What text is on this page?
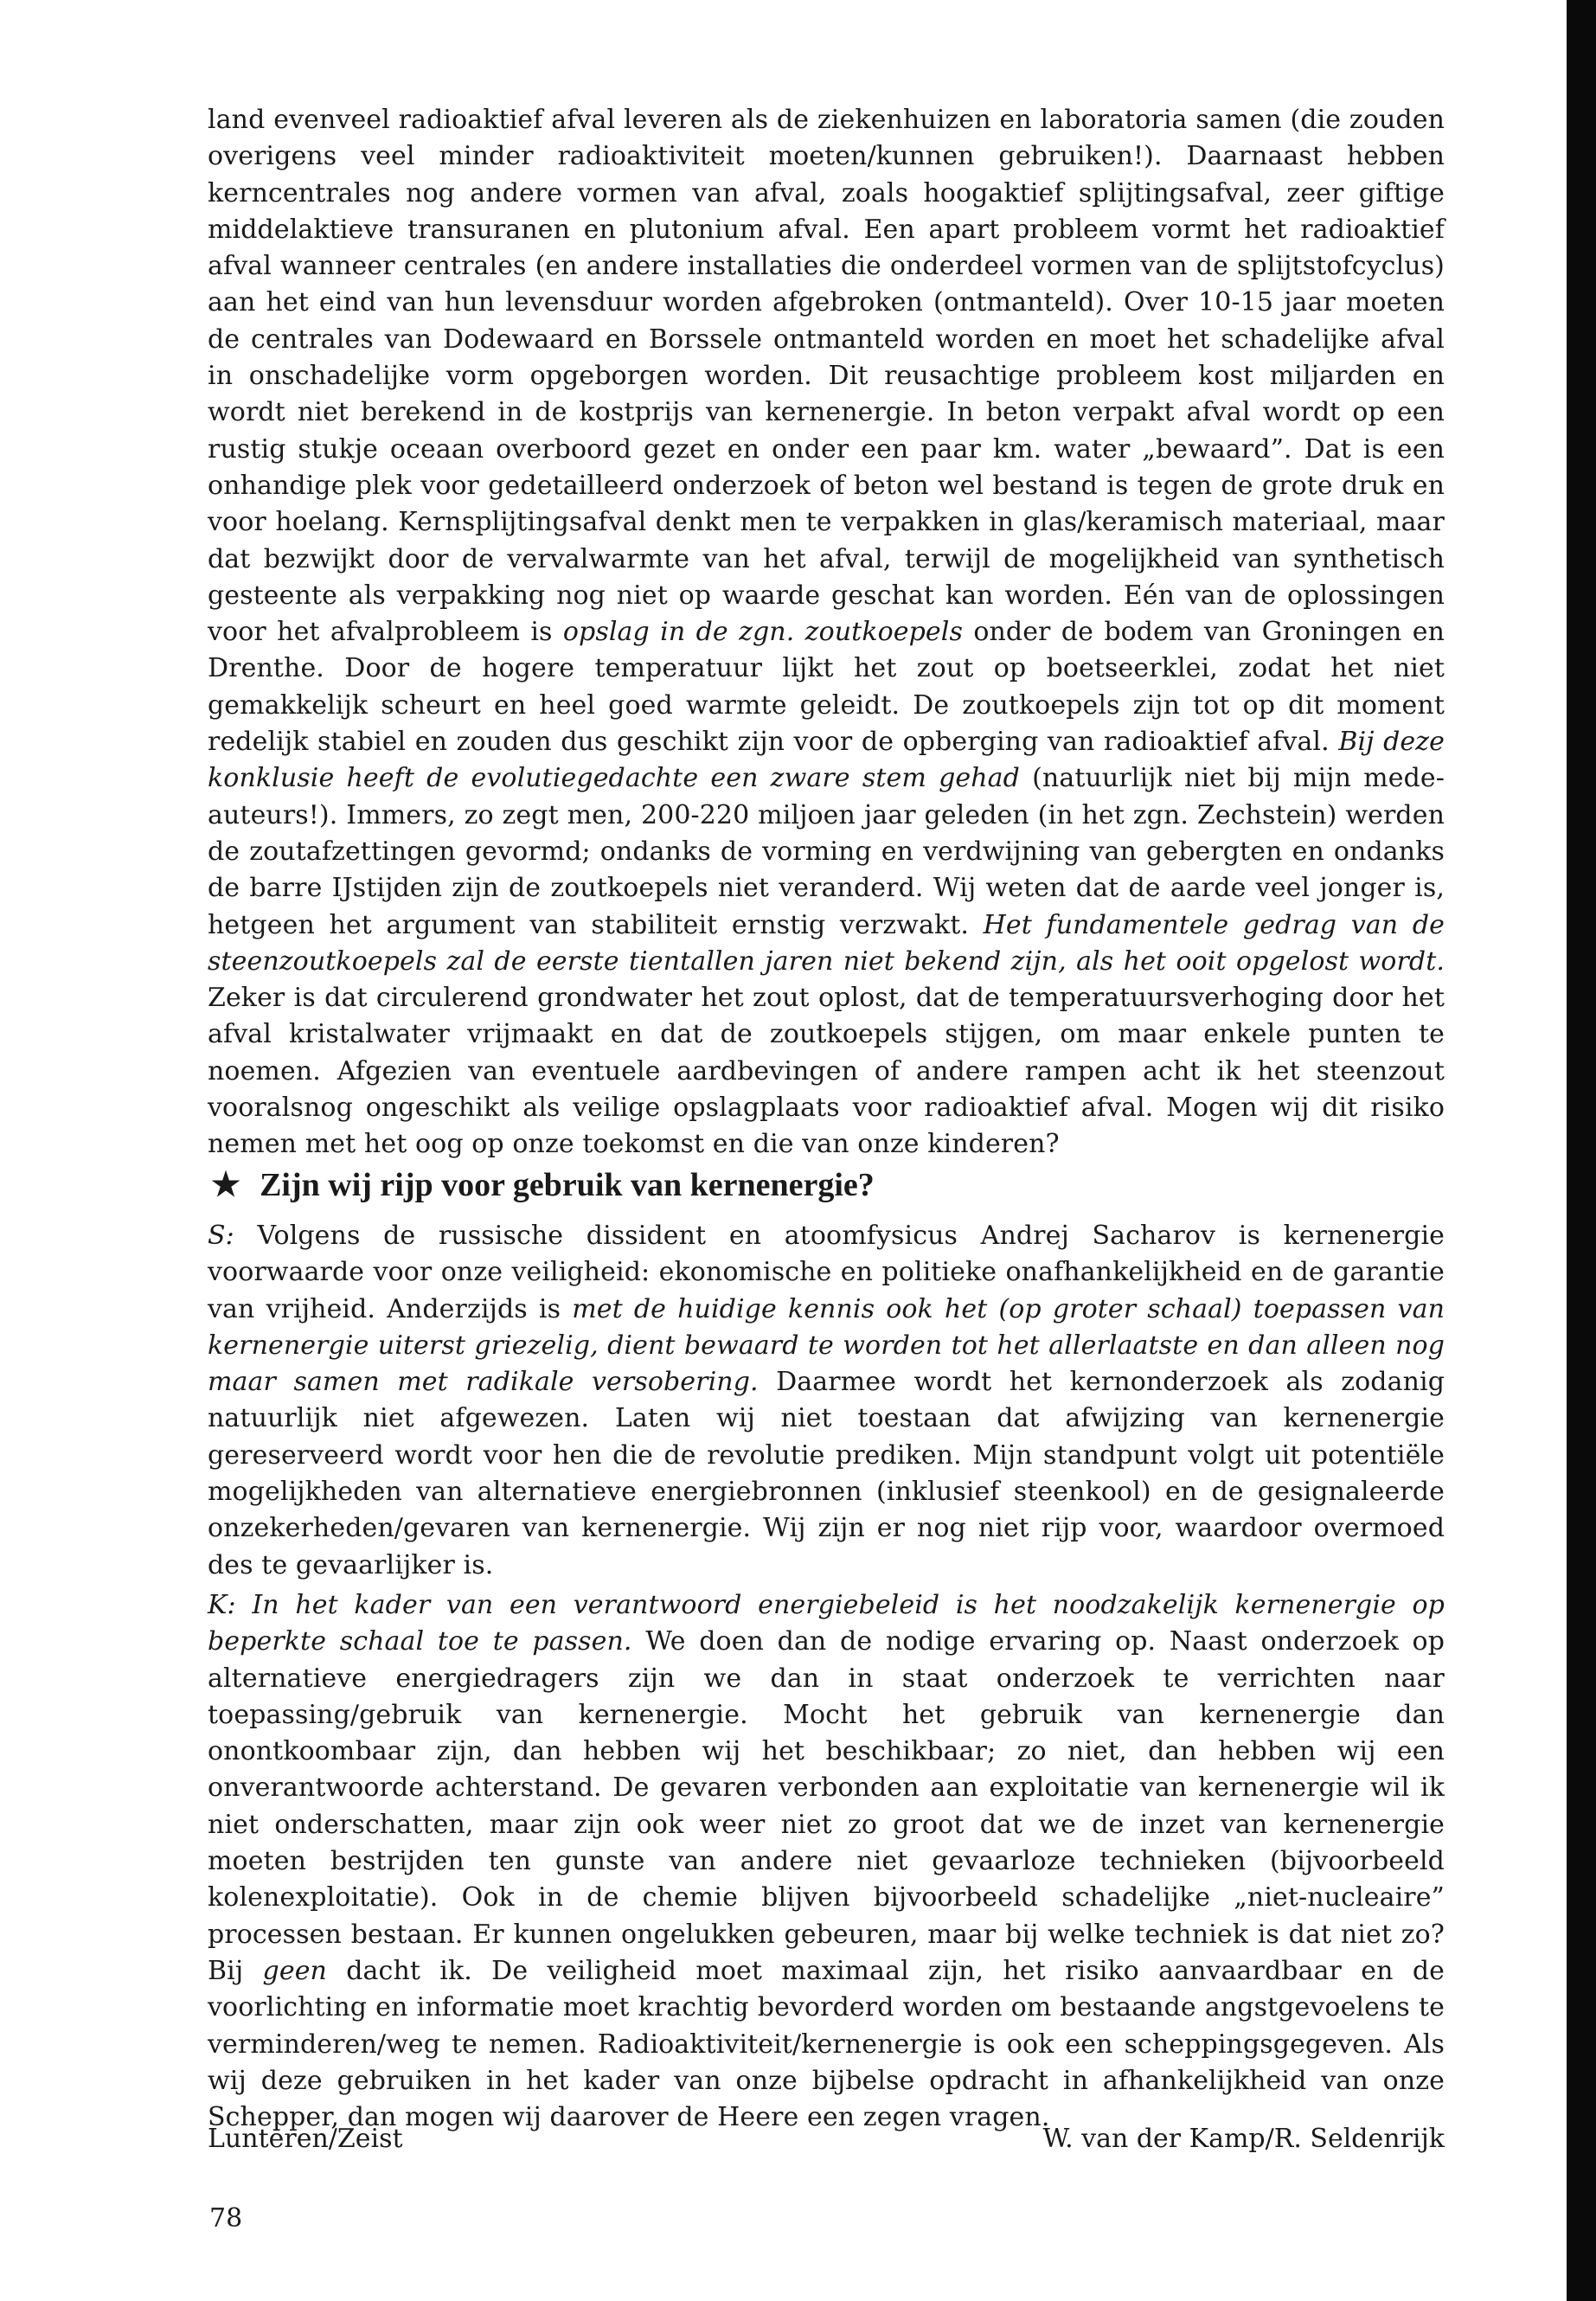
land evenveel radioaktief afval leveren als de ziekenhuizen en laboratoria samen (die zouden overigens veel minder radioaktiviteit moeten/kunnen gebruiken!). Daarnaast hebben kerncentrales nog andere vormen van afval, zoals hoogaktief splijtingsafval, zeer giftige middelaktieve transuranen en plutonium afval. Een apart probleem vormt het radioaktief afval wanneer centrales (en andere installaties die onderdeel vormen van de splijtstofcyclus) aan het eind van hun levensduur worden afgebroken (ontmanteld). Over 10-15 jaar moeten de centrales van Dodewaard en Borssele ontmanteld worden en moet het schadelijke afval in onschadelijke vorm opgeborgen worden. Dit reusachtige probleem kost miljarden en wordt niet berekend in de kostprijs van kernenergie. In beton verpakt afval wordt op een rustig stukje oceaan overboord gezet en onder een paar km. water „bewaard”. Dat is een onhandige plek voor gedetailleerd onderzoek of beton wel bestand is tegen de grote druk en voor hoelang. Kernsplijtingsafval denkt men te verpakken in glas/keramisch materiaal, maar dat bezwijkt door de vervalwarmte van het afval, terwijl de mogelijkheid van synthetisch gesteente als verpakking nog niet op waarde geschat kan worden. Eén van de oplossingen voor het afvalprobleem is opslag in de zgn. zoutkoepels onder de bodem van Groningen en Drenthe. Door de hogere temperatuur lijkt het zout op boetseerklei, zodat het niet gemakkelijk scheurt en heel goed warmte geleidt. De zoutkoepels zijn tot op dit moment redelijk stabiel en zouden dus geschikt zijn voor de opberging van radioaktief afval. Bij deze konklusie heeft de evolutiegedachte een zware stem gehad (natuurlijk niet bij mijn mede-auteurs!). Immers, zo zegt men, 200-220 miljoen jaar geleden (in het zgn. Zechstein) werden de zoutafzettingen gevormd; ondanks de vorming en verdwijning van gebergten en ondanks de barre IJstijden zijn de zoutkoepels niet veranderd. Wij weten dat de aarde veel jonger is, hetgeen het argument van stabiliteit ernstig verzwakt. Het fundamentele gedrag van de steenzoutkoepels zal de eerste tientallen jaren niet bekend zijn, als het ooit opgelost wordt. Zeker is dat circulerend grondwater het zout oplost, dat de temperatuursverhoging door het afval kristalwater vrijmaakt en dat de zoutkoepels stijgen, om maar enkele punten te noemen. Afgezien van eventuele aardbevingen of andere rampen acht ik het steenzout vooralsnog ongeschikt als veilige opslagplaats voor radioaktief afval. Mogen wij dit risiko nemen met het oog op onze toekomst en die van onze kinderen?

★ Zijn wij rijp voor gebruik van kernenergie?

S: Volgens de russische dissident en atoomfysicus Andrej Sacharov is kernenergie voorwaarde voor onze veiligheid: ekonomische en politieke onafhankelijkheid en de garantie van vrijheid. Anderzijds is met de huidige kennis ook het (op groter schaal) toepassen van kernenergie uiterst griezelig, dient bewaard te worden tot het allerlaatste en dan alleen nog maar samen met radikale versobering. Daarmee wordt het kernonderzoek als zodanig natuurlijk niet afgewezen. Laten wij niet toestaan dat afwijzing van kernenergie gereserveerd wordt voor hen die de revolutie prediken. Mijn standpunt volgt uit potentiële mogelijkheden van alternatieve energiebronnen (inklusief steenkool) en de gesignaleerde onzekerheden/gevaren van kernenergie. Wij zijn er nog niet rijp voor, waardoor overmoed des te gevaarlijker is.

K: In het kader van een verantwoord energiebeleid is het noodzakelijk kernenergie op beperkte schaal toe te passen. We doen dan de nodige ervaring op. Naast onderzoek op alternatieve energiedragers zijn we dan in staat onderzoek te verrichten naar toepassing/gebruik van kernenergie. Mocht het gebruik van kernenergie dan onontkoombaar zijn, dan hebben wij het beschikbaar; zo niet, dan hebben wij een onverantwoorde achterstand. De gevaren verbonden aan exploitatie van kernenergie wil ik niet onderschatten, maar zijn ook weer niet zo groot dat we de inzet van kernenergie moeten bestrijden ten gunste van andere niet gevaarloze technieken (bijvoorbeeld kolenexploitatie). Ook in de chemie blijven bijvoorbeeld schadelijke „niet-nucleaire” processen bestaan. Er kunnen ongelukken gebeuren, maar bij welke techniek is dat niet zo? Bij geen dacht ik. De veiligheid moet maximaal zijn, het risiko aanvaardbaar en de voorlichting en informatie moet krachtig bevorderd worden om bestaande angstgevoelens te verminderen/weg te nemen. Radioaktiviteit/kernenergie is ook een scheppingsgegeven. Als wij deze gebruiken in het kader van onze bijbelse opdracht in afhankelijkheid van onze Schepper, dan mogen wij daarover de Heere een zegen vragen.

Lunteren/Zeist	W. van der Kamp/R. Seldenrijk
78
